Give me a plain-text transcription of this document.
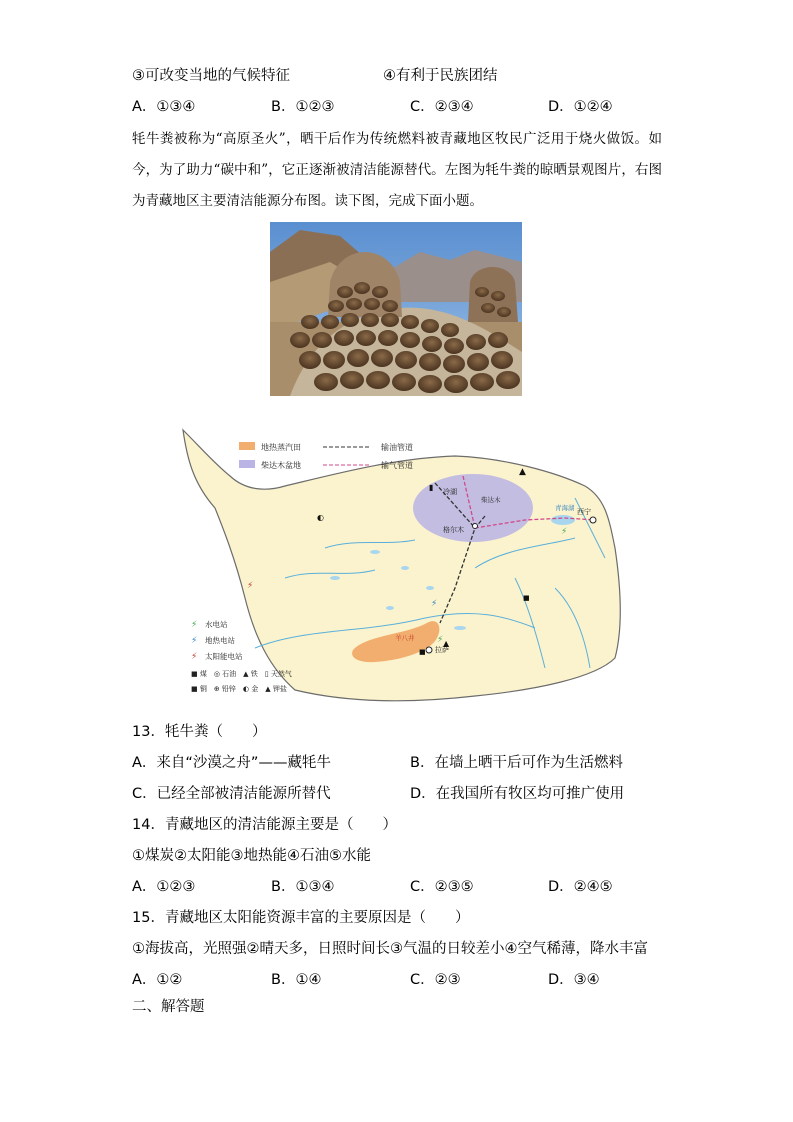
③可改变当地的气候特征	④有利于民族团结
A．①③④	B．①②③	C．②③④	D．①②④
牦牛粪被称为“高原圣火”，晒干后作为传统燃料被青藏地区牧民广泛用于烧火做饭。如今，为了助力“碳中和”，它正逐渐被清洁能源替代。左图为牦牛粪的晾晒景观图片，右图为青藏地区主要清洁能源分布图。读下图，完成下面小题。
地热蒸汽田
柴达木盆地
输油管道
输气管道
⚡ 水电站
⚡ 地热电站
⚡ 太阳能电站
■ 煤　◎ 石油　▲ 铁　▯ 天然气
■ 铜　⊕ 铅锌　◐ 金　▲ 钾盐
冷湖
柴达木
格尔木
青海湖 西宁
拉萨
羊八井
▲
▮
◐
■
■
▲
⚡
⚡
⚡
⚡
13．牦牛粪（　　）
A．来自“沙漠之舟”——藏牦牛	B．在墙上晒干后可作为生活燃料
C．已经全部被清洁能源所替代	D．在我国所有牧区均可推广使用
14．青藏地区的清洁能源主要是（　　）
①煤炭②太阳能③地热能④石油⑤水能
A．①②③	B．①③④	C．②③⑤	D．②④⑤
15．青藏地区太阳能资源丰富的主要原因是（　　）
①海拔高，光照强②晴天多，日照时间长③气温的日较差小④空气稀薄，降水丰富
A．①②	B．①④	C．②③	D．③④
二、解答题
